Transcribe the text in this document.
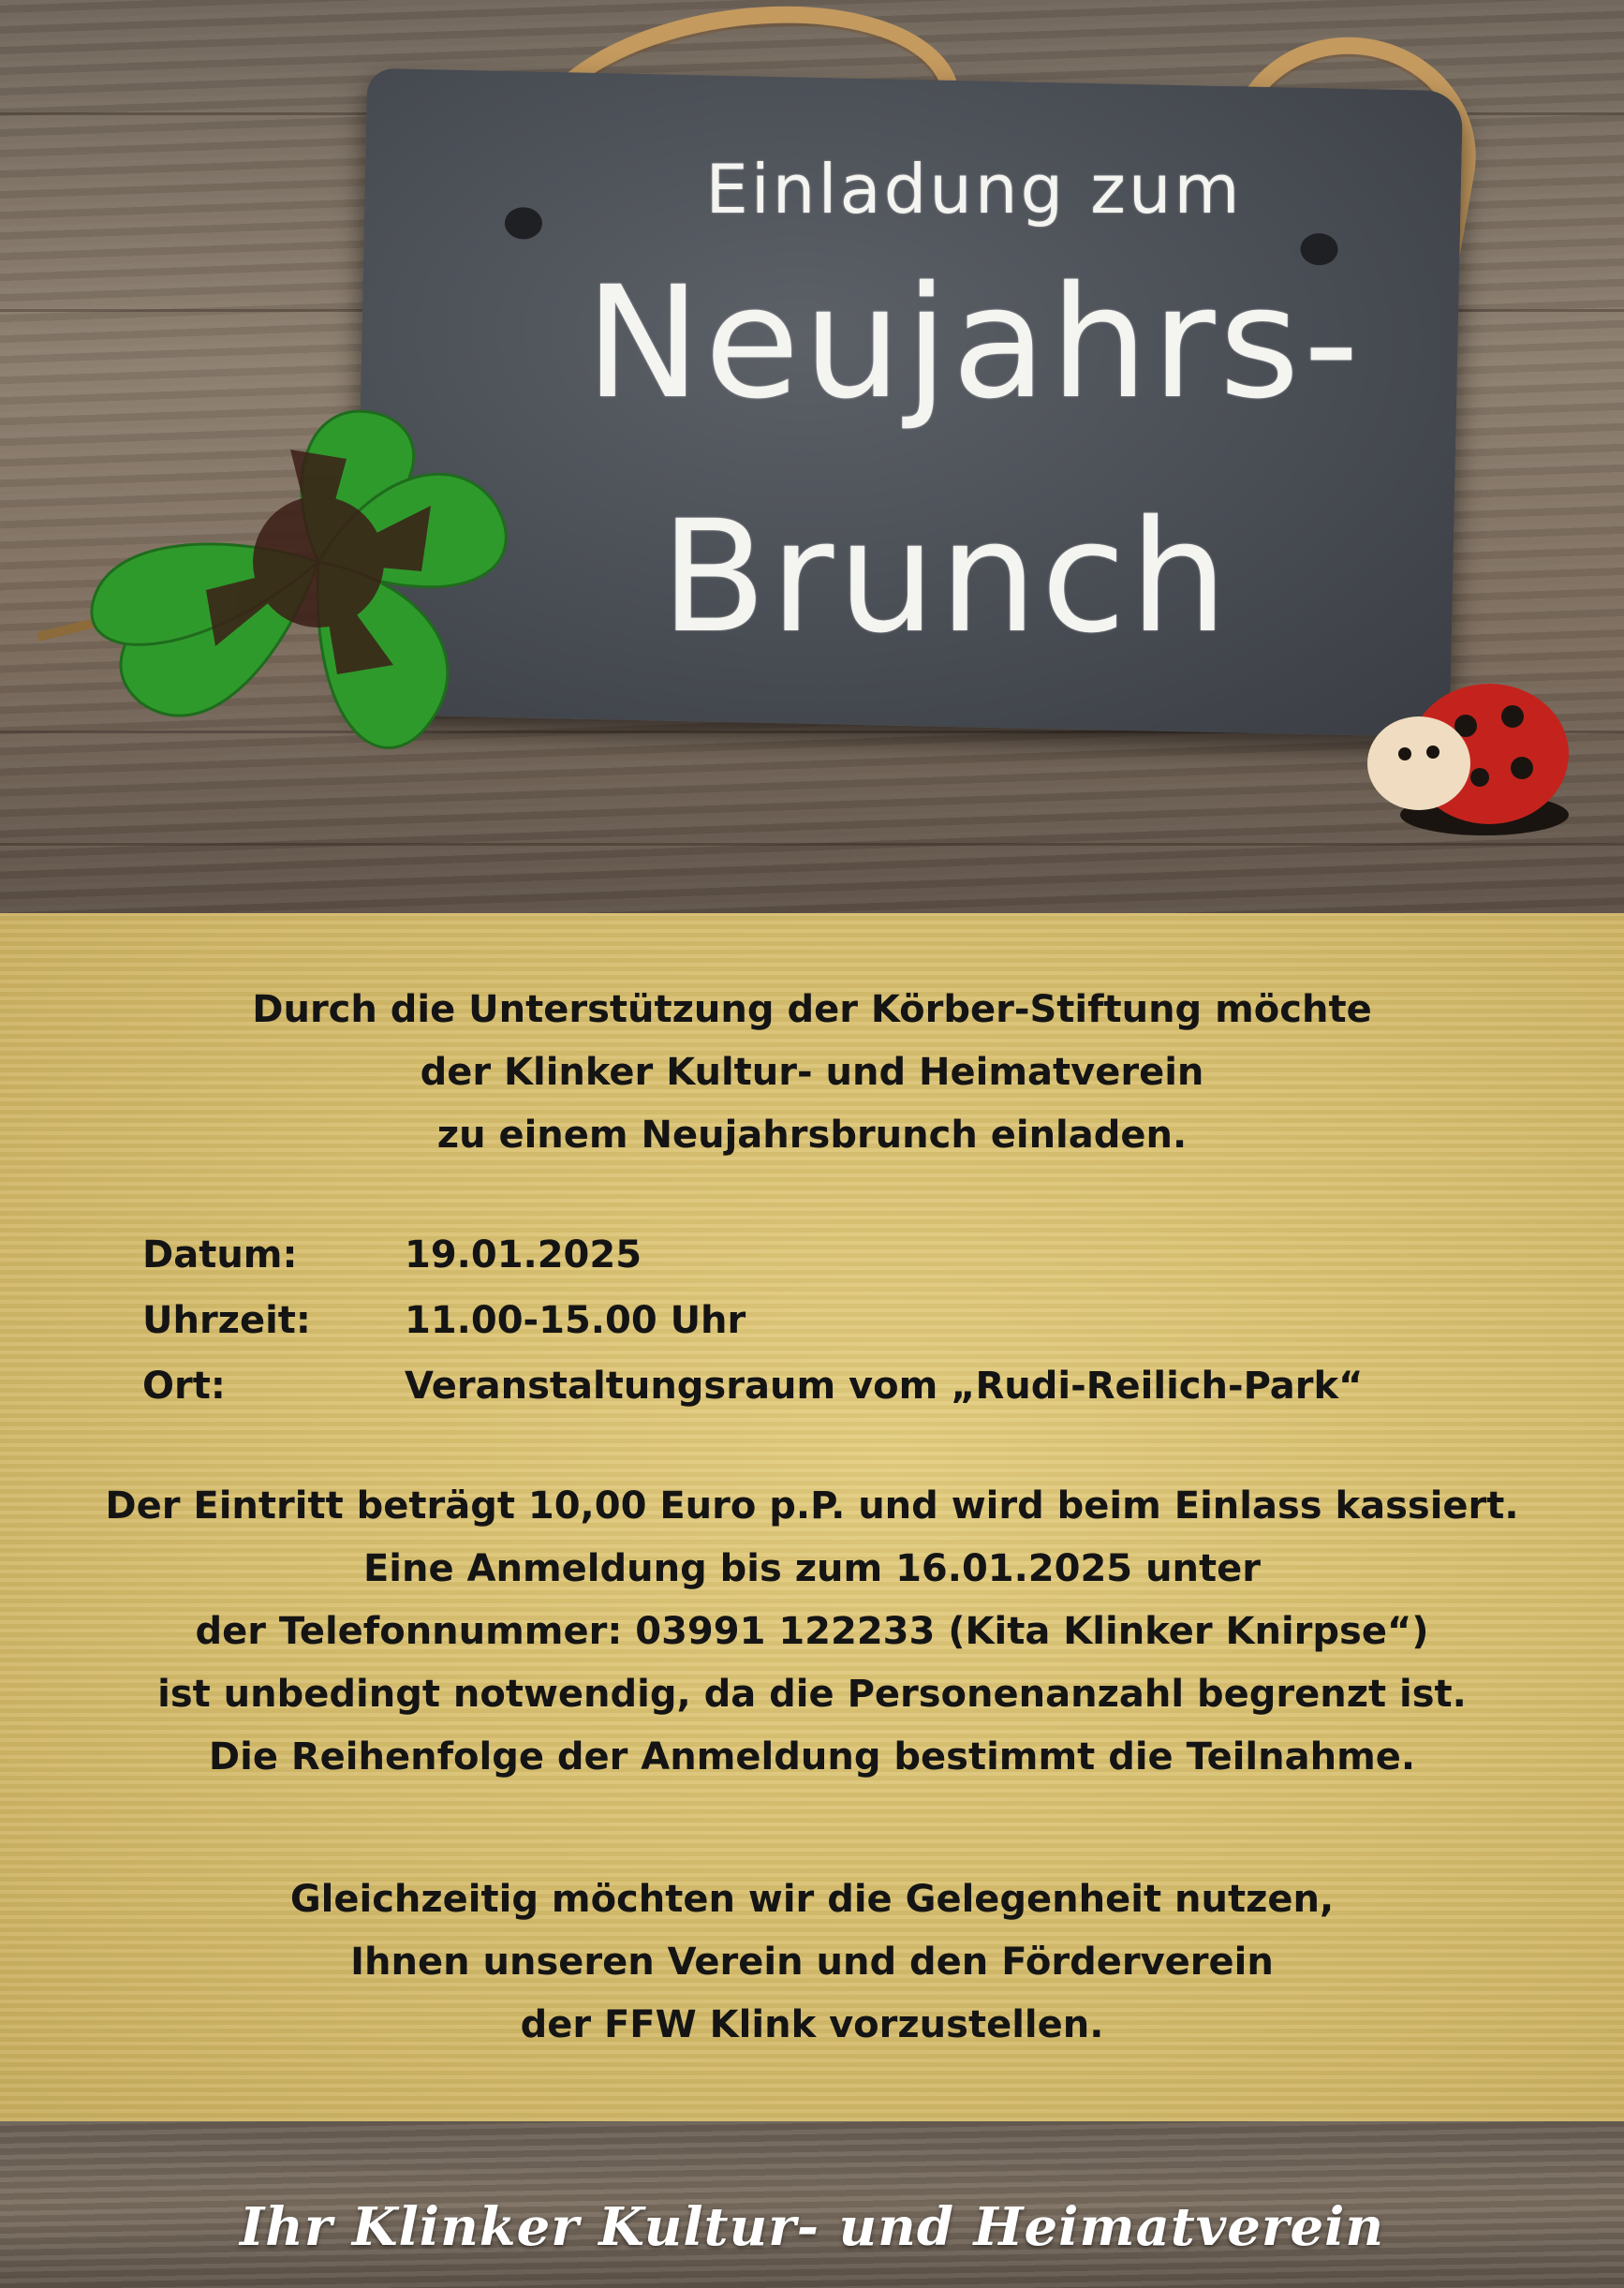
Einladung zum
Neujahrs-
Brunch
Durch die Unterstützung der Körber-Stiftung möchte
der Klinker Kultur- und Heimatverein
zu einem Neujahrsbrunch einladen.
Datum:	19.01.2025
Uhrzeit:	11.00-15.00 Uhr
Ort:	Veranstaltungsraum vom „Rudi-Reilich-Park“
Der Eintritt beträgt 10,00 Euro p.P. und wird beim Einlass kassiert.
Eine Anmeldung bis zum 16.01.2025 unter
der Telefonnummer: 03991 122233 (Kita Klinker Knirpse“)
ist unbedingt notwendig, da die Personenanzahl begrenzt ist.
Die Reihenfolge der Anmeldung bestimmt die Teilnahme.
Gleichzeitig möchten wir die Gelegenheit nutzen,
Ihnen unseren Verein und den Förderverein
der FFW Klink vorzustellen.
Ihr Klinker Kultur- und Heimatverein
